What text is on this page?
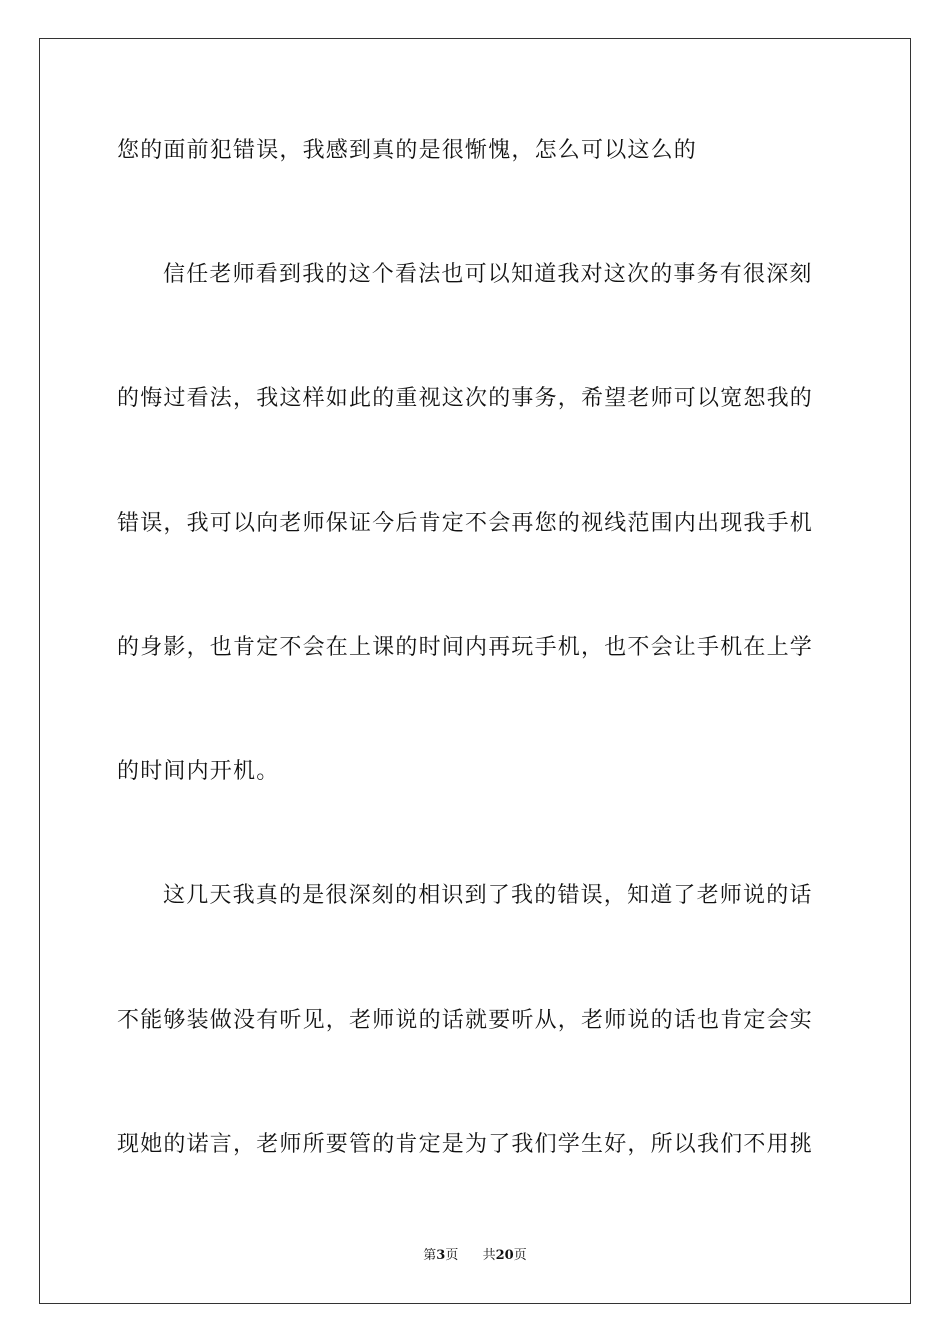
您的面前犯错误，我感到真的是很惭愧，怎么可以这么的
信任老师看到我的这个看法也可以知道我对这次的事务有很深刻
的悔过看法，我这样如此的重视这次的事务，希望老师可以宽恕我的
错误，我可以向老师保证今后肯定不会再您的视线范围内出现我手机
的身影，也肯定不会在上课的时间内再玩手机，也不会让手机在上学
的时间内开机。
这几天我真的是很深刻的相识到了我的错误，知道了老师说的话
不能够装做没有听见，老师说的话就要听从，老师说的话也肯定会实
现她的诺言，老师所要管的肯定是为了我们学生好，所以我们不用挑
第3页 共20页
